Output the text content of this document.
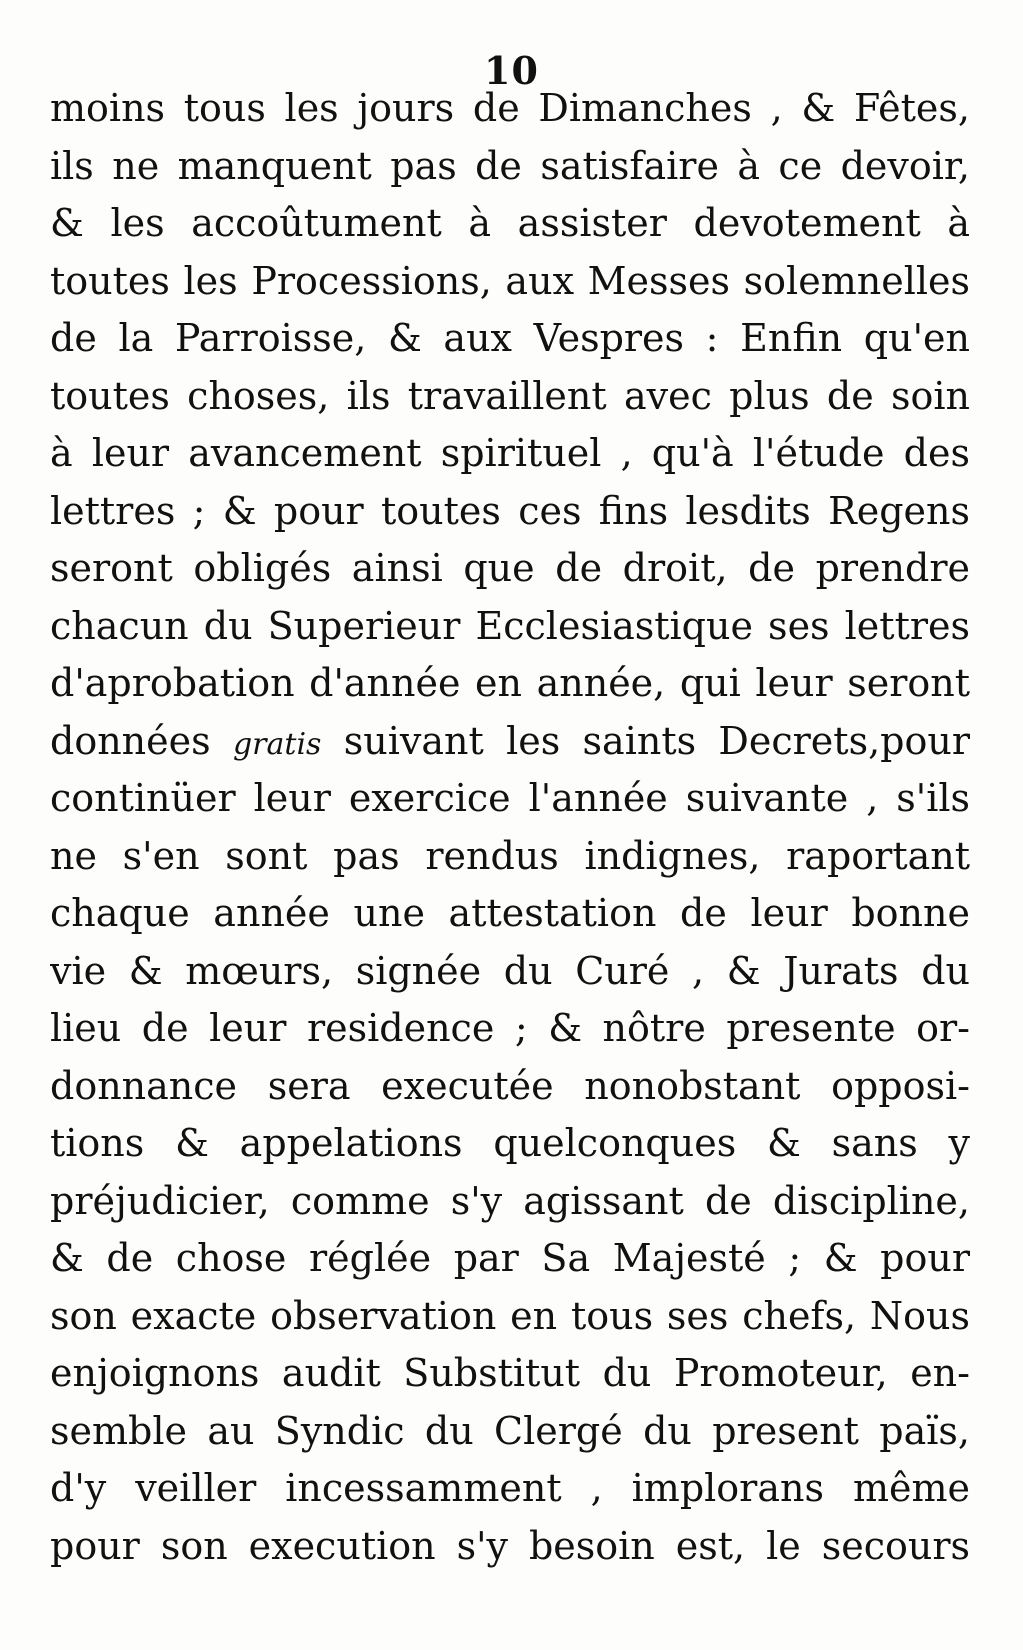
10
moins tous les jours de Dimanches , & Fêtes,
ils ne manquent pas de satisfaire à ce devoir,
& les accoûtument à assister devotement à
toutes les Processions, aux Messes solemnelles
de la Parroisse, & aux Vespres : Enfin qu'en
toutes choses, ils travaillent avec plus de soin
à leur avancement spirituel , qu'à l'étude des
lettres ; & pour toutes ces fins lesdits Regens
seront obligés ainsi que de droit, de prendre
chacun du Superieur Ecclesiastique ses lettres
d'aprobation d'année en année, qui leur seront
données gratis suivant les saints Decrets,pour
continüer leur exercice l'année suivante , s'ils
ne s'en sont pas rendus indignes, raportant
chaque année une attestation de leur bonne
vie & mœurs, signée du Curé , & Jurats du
lieu de leur residence ; & nôtre presente or-
donnance sera executée nonobstant opposi-
tions & appelations quelconques & sans y
préjudicier, comme s'y agissant de discipline,
& de chose réglée par Sa Majesté ; & pour
son exacte observation en tous ses chefs, Nous
enjoignons audit Substitut du Promoteur, en-
semble au Syndic du Clergé du present païs,
d'y veiller incessamment , implorans même
pour son execution s'y besoin est, le secours
